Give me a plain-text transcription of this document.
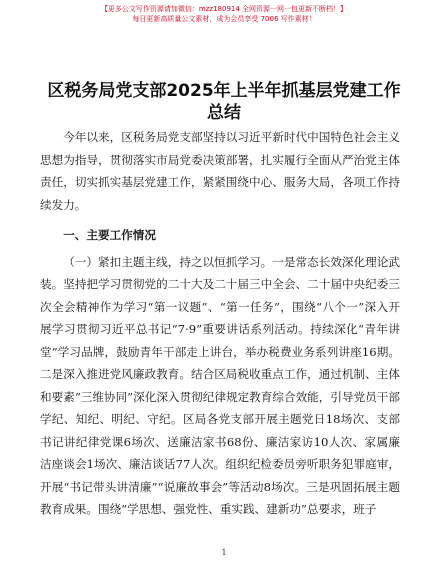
【更多公文写作资源请加微信：mzz180914 全网资源一网一包更新不断档！】
每日更新高质量公文素材，成为会员享受 7006 写作素材！
区税务局党支部2025年上半年抓基层党建工作
总结

今年以来，区税务局党支部坚持以习近平新时代中国特色社会主义思想为指导，贯彻落实市局党委决策部署，扎实履行全面从严治党主体责任，切实抓实基层党建工作，紧紧围绕中心、服务大局，各项工作持续发力。

一、主要工作情况

（一）紧扣主题主线，持之以恒抓学习。一是常态长效深化理论武装。坚持把学习贯彻党的二十大及二十届三中全会、二十届中央纪委三次全会精神作为学习“第一议题”、“第一任务”，围绕“八个一”深入开展学习贯彻习近平总书记“7·9”重要讲话系列活动。持续深化“青年讲堂”学习品牌，鼓励青年干部走上讲台，举办税费业务系列讲座16期。二是深入推进党风廉政教育。结合区局税收重点工作，通过机制、主体和要素“三维协同”深化深入贯彻纪律规定教育综合效能，引导党员干部学纪、知纪、明纪、守纪。区局各党支部开展主题党日18场次、支部书记讲纪律党课6场次、送廉洁家书68份、廉洁家访10人次、家属廉洁座谈会1场次、廉洁谈话77人次。组织纪检委员旁听职务犯罪庭审，开展“书记带头讲清廉”“说廉故事会”等活动8场次。三是巩固拓展主题教育成果。围绕“学思想、强党性、重实践、建新功”总要求，班子

1
